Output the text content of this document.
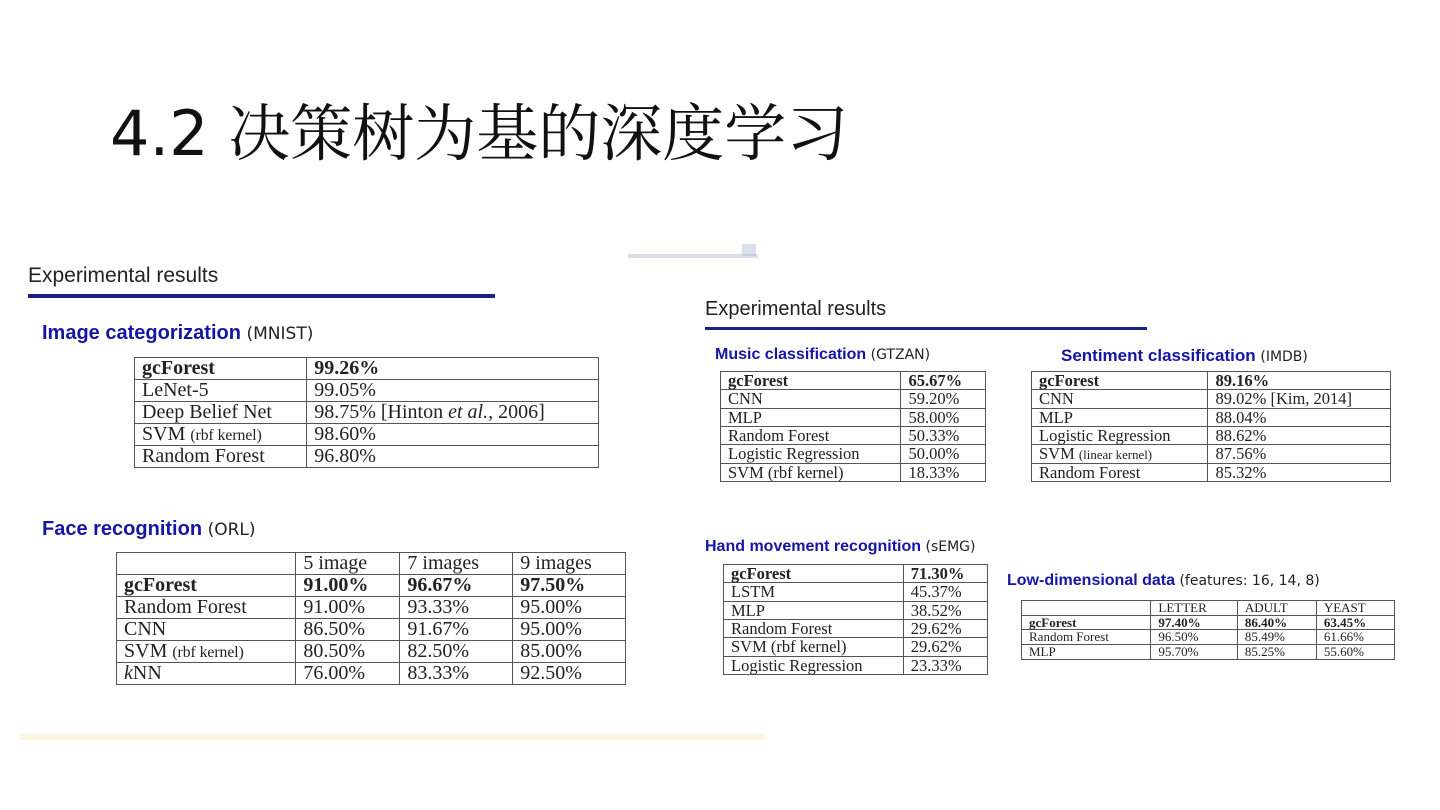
4.2 决策树为基的深度学习
Experimental results
Image categorization (MNIST)
gcForest	99.26%
LeNet-5	99.05%
Deep Belief Net	98.75% [Hinton et al., 2006]
SVM (rbf kernel)	98.60%
Random Forest	96.80%
Face recognition (ORL)
	5 image	7 images	9 images
gcForest	91.00%	96.67%	97.50%
Random Forest	91.00%	93.33%	95.00%
CNN	86.50%	91.67%	95.00%
SVM (rbf kernel)	80.50%	82.50%	85.00%
kNN	76.00%	83.33%	92.50%
Experimental results
Music classification (GTZAN)
gcForest	65.67%
CNN	59.20%
MLP	58.00%
Random Forest	50.33%
Logistic Regression	50.00%
SVM (rbf kernel)	18.33%
Sentiment classification (IMDB)
gcForest	89.16%
CNN	89.02% [Kim, 2014]
MLP	88.04%
Logistic Regression	88.62%
SVM (linear kernel)	87.56%
Random Forest	85.32%
Hand movement recognition (sEMG)
gcForest	71.30%
LSTM	45.37%
MLP	38.52%
Random Forest	29.62%
SVM (rbf kernel)	29.62%
Logistic Regression	23.33%
Low-dimensional data (features: 16, 14, 8)
	LETTER	ADULT	YEAST
gcForest	97.40%	86.40%	63.45%
Random Forest	96.50%	85.49%	61.66%
MLP	95.70%	85.25%	55.60%
